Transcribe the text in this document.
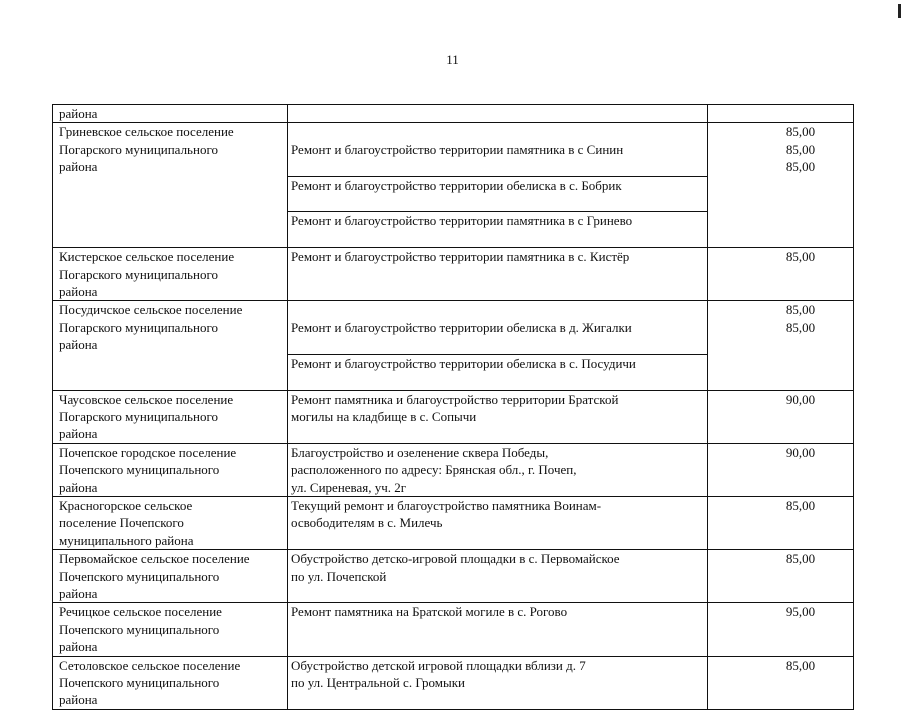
11
района
Гриневское сельское поселение
Погарского муниципального
района

Ремонт и благоустройство территории памятника в с Синин

Ремонт и благоустройство территории обелиска в с. Бобрик

Ремонт и благоустройство территории памятника в с Гринево

85,00
85,00
85,00
Кистерское сельское поселение
Погарского муниципального
района
Ремонт и благоустройство территории памятника в с. Кистёр	85,00
Посудичское сельское поселение
Погарского муниципального
района

Ремонт и благоустройство территории обелиска в д. Жигалки

Ремонт и благоустройство территории обелиска в с. Посудичи

85,00
85,00
Чаусовское сельское поселение
Погарского муниципального
района
Ремонт памятника и благоустройство территории Братской
могилы на кладбище в с. Сопычи
90,00
Почепское городское поселение
Почепского муниципального
района
Благоустройство и озеленение сквера Победы,
расположенного по адресу: Брянская обл., г. Почеп,
ул. Сиреневая, уч. 2г
90,00
Красногорское сельское
поселение Почепского
муниципального района
Текущий ремонт и благоустройство памятника Воинам-
освободителям в с. Милечь
85,00
Первомайское сельское поселение
Почепского муниципального
района
Обустройство детско-игровой площадки в с. Первомайское
по ул. Почепской
85,00
Речицкое сельское поселение
Почепского муниципального
района
Ремонт памятника на Братской могиле в с. Рогово	95,00
Сетоловское сельское поселение
Почепского муниципального
района
Обустройство детской игровой площадки вблизи д. 7
по ул. Центральной с. Громыки
85,00
